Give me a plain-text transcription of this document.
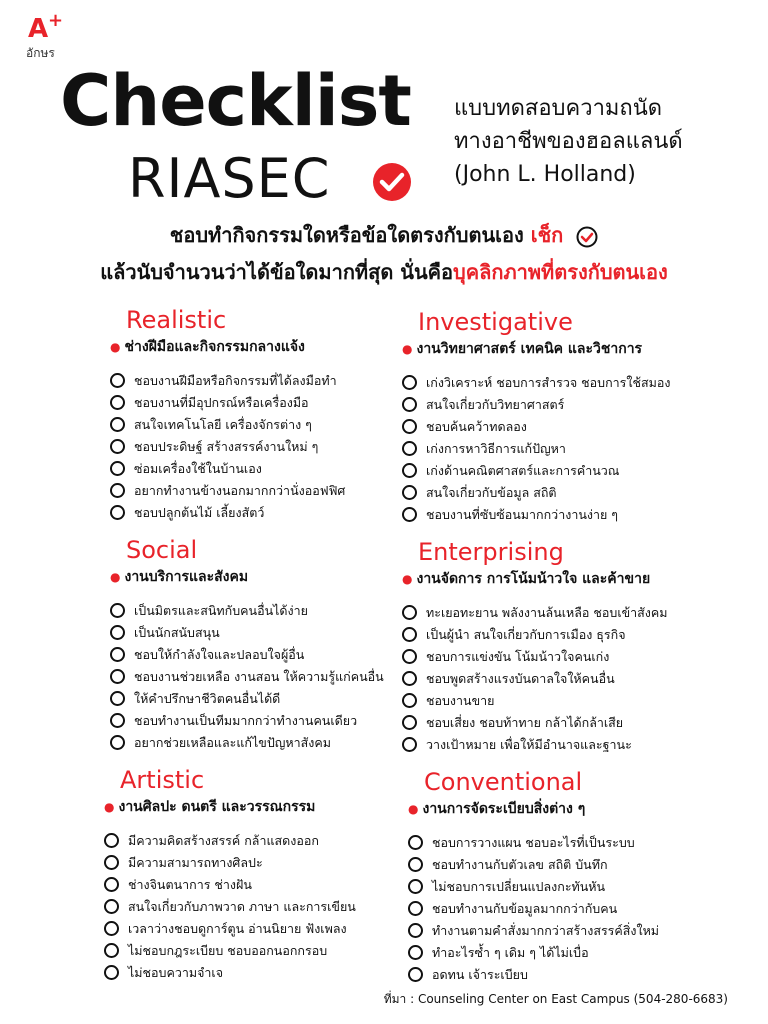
A +
อักษร
Checklist
RIASEC
แบบทดสอบความถนัด
ทางอาชีพของฮอลแลนด์
(John L. Holland)
ชอบทำกิจกรรมใดหรือข้อใดตรงกับตนเอง เช็ก
แล้วนับจำนวนว่าได้ข้อใดมากที่สุด นั่นคือบุคลิกภาพที่ตรงกับตนเอง
Realistic
● ช่างฝีมือและกิจกรรมกลางแจ้ง
ชอบงานฝีมือหรือกิจกรรมที่ได้ลงมือทำ
ชอบงานที่มีอุปกรณ์หรือเครื่องมือ
สนใจเทคโนโลยี เครื่องจักรต่าง ๆ
ชอบประดิษฐ์ สร้างสรรค์งานใหม่ ๆ
ซ่อมเครื่องใช้ในบ้านเอง
อยากทำงานข้างนอกมากกว่านั่งออฟฟิศ
ชอบปลูกต้นไม้ เลี้ยงสัตว์
Investigative
● งานวิทยาศาสตร์ เทคนิค และวิชาการ
เก่งวิเคราะห์ ชอบการสำรวจ ชอบการใช้สมอง
สนใจเกี่ยวกับวิทยาศาสตร์
ชอบค้นคว้าทดลอง
เก่งการหาวิธีการแก้ปัญหา
เก่งด้านคณิตศาสตร์และการคำนวณ
สนใจเกี่ยวกับข้อมูล สถิติ
ชอบงานที่ซับซ้อนมากกว่างานง่าย ๆ
Social
● งานบริการและสังคม
เป็นมิตรและสนิทกับคนอื่นได้ง่าย
เป็นนักสนับสนุน
ชอบให้กำลังใจและปลอบใจผู้อื่น
ชอบงานช่วยเหลือ งานสอน ให้ความรู้แก่คนอื่น
ให้คำปรึกษาชีวิตคนอื่นได้ดี
ชอบทำงานเป็นทีมมากกว่าทำงานคนเดียว
อยากช่วยเหลือและแก้ไขปัญหาสังคม
Enterprising
● งานจัดการ การโน้มน้าวใจ และค้าขาย
ทะเยอทะยาน พลังงานล้นเหลือ ชอบเข้าสังคม
เป็นผู้นำ สนใจเกี่ยวกับการเมือง ธุรกิจ
ชอบการแข่งขัน โน้มน้าวใจคนเก่ง
ชอบพูดสร้างแรงบันดาลใจให้คนอื่น
ชอบงานขาย
ชอบเสี่ยง ชอบท้าทาย กล้าได้กล้าเสีย
วางเป้าหมาย เพื่อให้มีอำนาจและฐานะ
Artistic
● งานศิลปะ ดนตรี และวรรณกรรม
มีความคิดสร้างสรรค์ กล้าแสดงออก
มีความสามารถทางศิลปะ
ช่างจินตนาการ ช่างฝัน
สนใจเกี่ยวกับภาพวาด ภาษา และการเขียน
เวลาว่างชอบดูการ์ตูน อ่านนิยาย ฟังเพลง
ไม่ชอบกฎระเบียบ ชอบออกนอกกรอบ
ไม่ชอบความจำเจ
Conventional
● งานการจัดระเบียบสิ่งต่าง ๆ
ชอบการวางแผน ชอบอะไรที่เป็นระบบ
ชอบทำงานกับตัวเลข สถิติ บันทึก
ไม่ชอบการเปลี่ยนแปลงกะทันหัน
ชอบทำงานกับข้อมูลมากกว่ากับคน
ทำงานตามคำสั่งมากกว่าสร้างสรรค์สิ่งใหม่
ทำอะไรซ้ำ ๆ เดิม ๆ ได้ไม่เบื่อ
อดทน เจ้าระเบียบ
ที่มา : Counseling Center on East Campus (504-280-6683)
